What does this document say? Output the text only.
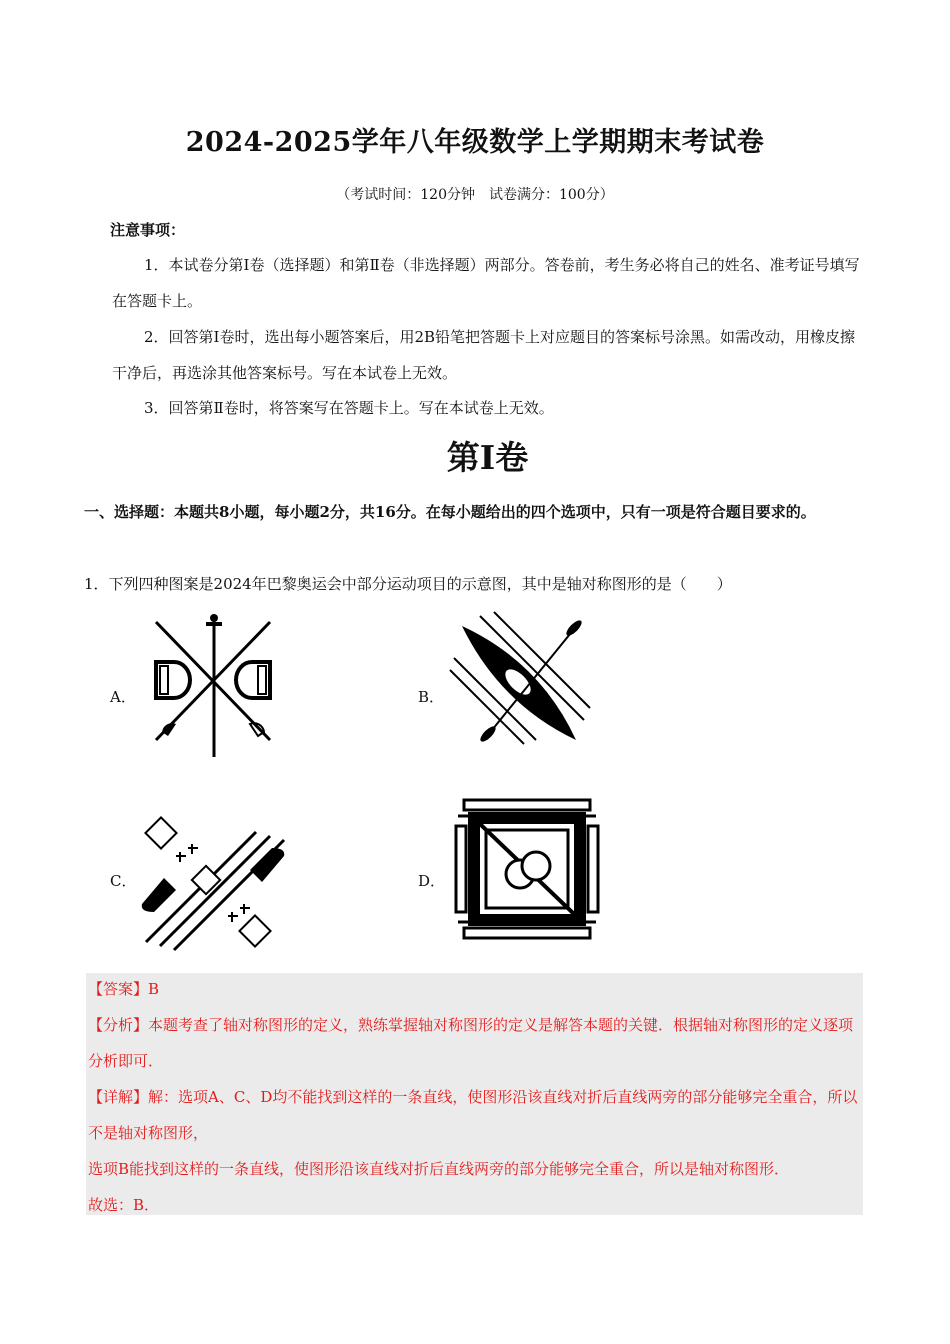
2024-2025学年八年级数学上学期期末考试卷
（考试时间：120分钟　试卷满分：100分）
注意事项：
1．本试卷分第Ⅰ卷（选择题）和第Ⅱ卷（非选择题）两部分。答卷前，考生务必将自己的姓名、准考证号填写在答题卡上。
2．回答第Ⅰ卷时，选出每小题答案后，用2B铅笔把答题卡上对应题目的答案标号涂黑。如需改动，用橡皮擦干净后，再选涂其他答案标号。写在本试卷上无效。
3．回答第Ⅱ卷时，将答案写在答题卡上。写在本试卷上无效。
第Ⅰ卷
一、选择题：本题共8小题，每小题2分，共16分。在每小题给出的四个选项中，只有一项是符合题目要求的。
1．下列四种图案是2024年巴黎奥运会中部分运动项目的示意图，其中是轴对称图形的是（　　）
A．	B．
C．	D．
【答案】B
【分析】本题考查了轴对称图形的定义，熟练掌握轴对称图形的定义是解答本题的关键．根据轴对称图形的定义逐项分析即可．
【详解】解：选项A、C、D均不能找到这样的一条直线，使图形沿该直线对折后直线两旁的部分能够完全重合，所以不是轴对称图形，
选项B能找到这样的一条直线，使图形沿该直线对折后直线两旁的部分能够完全重合，所以是轴对称图形．
故选：B．
